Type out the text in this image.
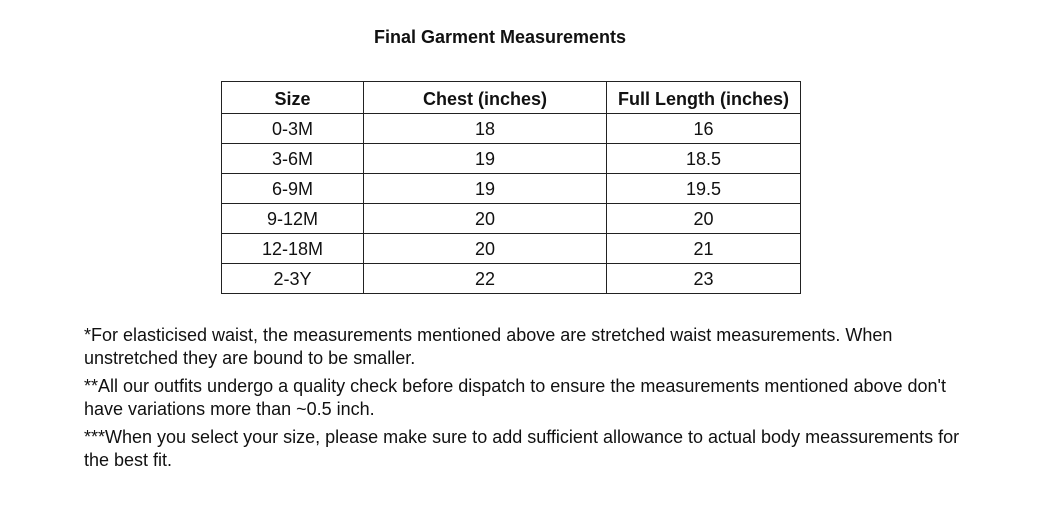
Final Garment Measurements
Size	Chest (inches)	Full Length (inches)
0-3M	18	16
3-6M	19	18.5
6-9M	19	19.5
9-12M	20	20
12-18M	20	21
2-3Y	22	23

*For elasticised waist, the measurements mentioned above are stretched waist measurements. When unstretched they are bound to be smaller.

**All our outfits undergo a quality check before dispatch to ensure the measurements mentioned above don't have variations more than ~0.5 inch.

***When you select your size, please make sure to add sufficient allowance to actual body meassurements for the best fit.
